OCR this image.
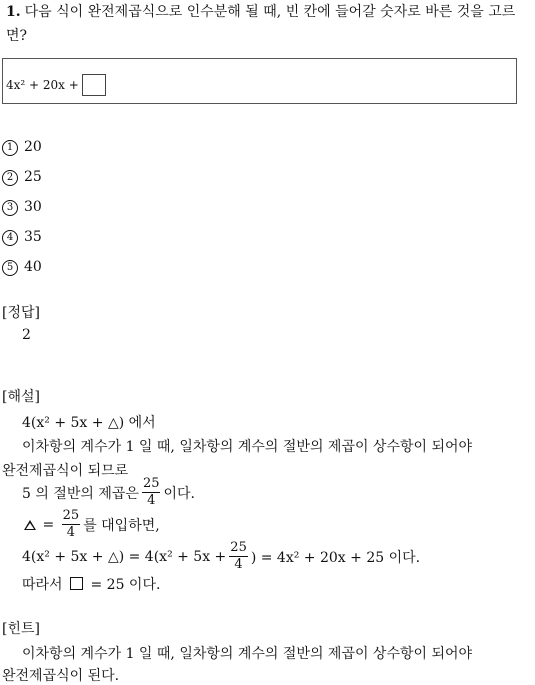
1. 다음 식이 완전제곱식으로 인수분해 될 때, 빈 칸에 들어갈 숫자로 바른 것을 고르면?
4x² + 20x +
1 20
2 25
3 30
4 35
5 40
[정답]
2
[해설]
4(x² + 5x + △) 에서
이차항의 계수가 1 일 때, 일차항의 계수의 절반의 제곱이 상수항이 되어야
완전제곱식이 되므로
5 의 절반의 제곱은 $\frac{25}{4}$ 이다.
= $\frac{25}{4}$ 를 대입하면,
4(x² + 5x + △) = $4(x^2 + 5x + \frac{25}{4}$ ) = 4x² + 20x + 25 이다.
따라서 = 25 이다.
[힌트]
이차항의 계수가 1 일 때, 일차항의 계수의 절반의 제곱이 상수항이 되어야
완전제곱식이 된다.
